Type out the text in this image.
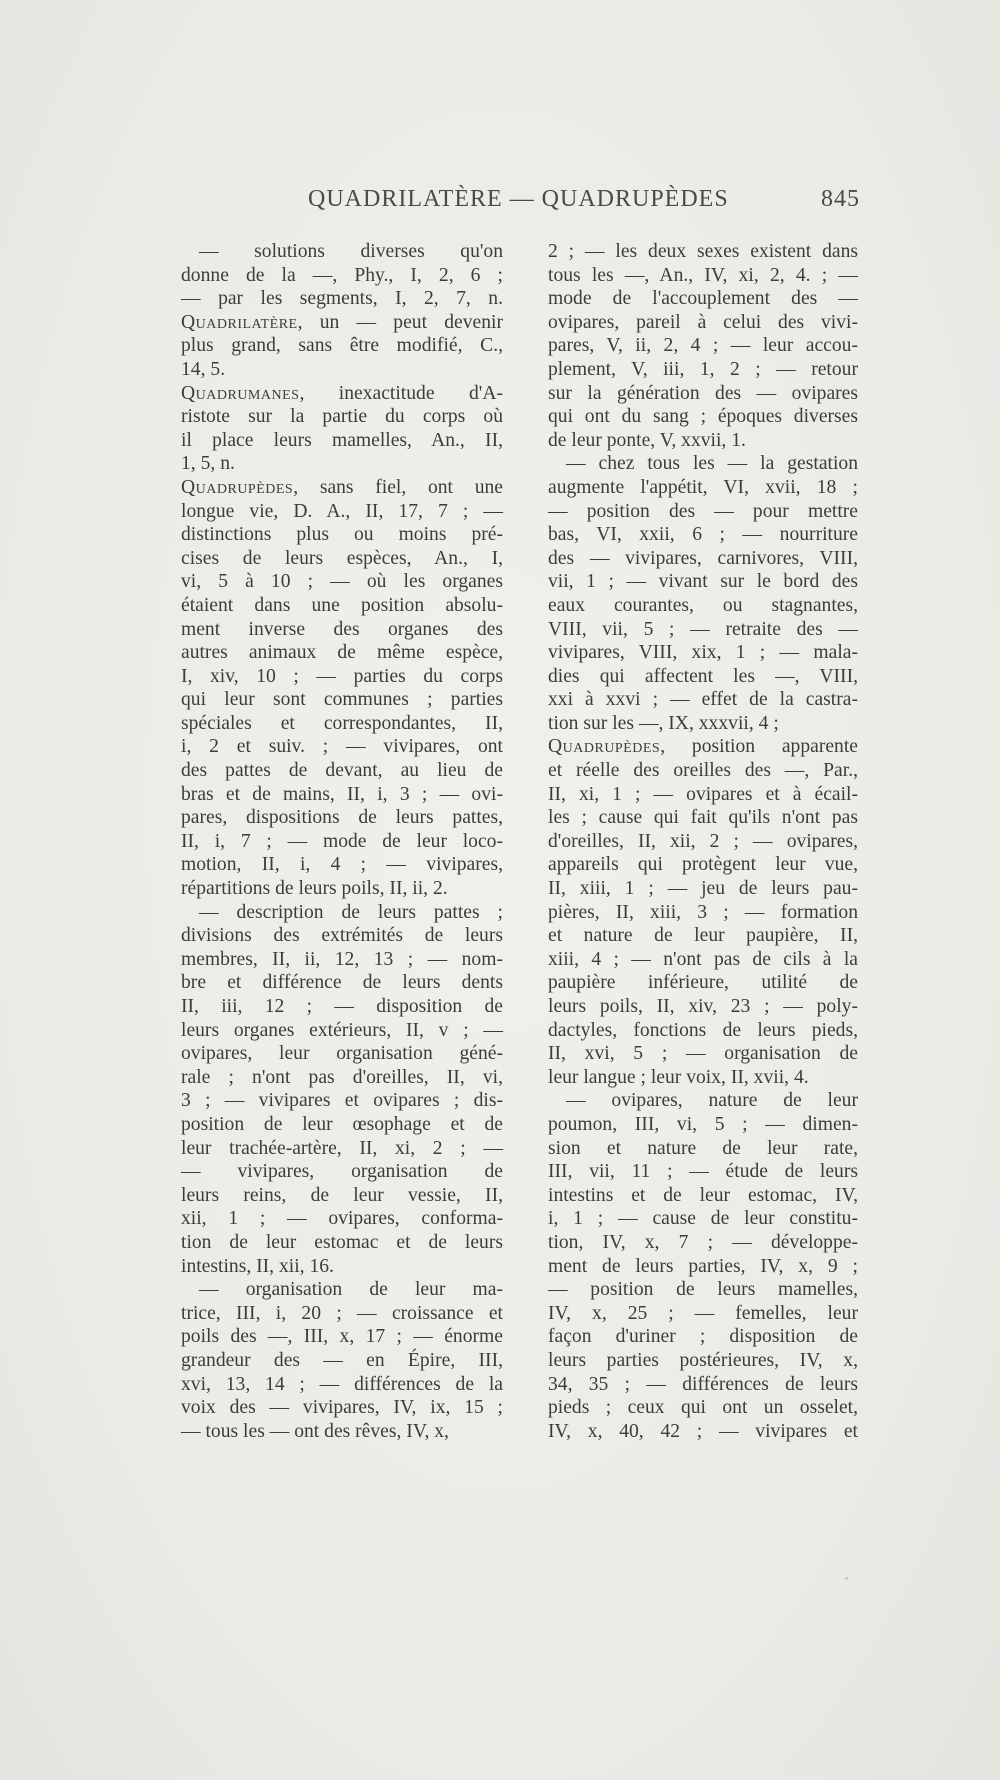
QUADRILATÈRE — QUADRUPÈDES	845
— solutions diverses qu'on
donne de la —, Phy., I, 2, 6 ;
— par les segments, I, 2, 7, n.
Quadrilatère, un — peut devenir
plus grand, sans être modifié, C.,
14, 5.
Quadrumanes, inexactitude d'A-
ristote sur la partie du corps où
il place leurs mamelles, An., II,
1, 5, n.
Quadrupèdes, sans fiel, ont une
longue vie, D. A., II, 17, 7 ; —
distinctions plus ou moins pré-
cises de leurs espèces, An., I,
vi, 5 à 10 ; — où les organes
étaient dans une position absolu-
ment inverse des organes des
autres animaux de même espèce,
I, xiv, 10 ; — parties du corps
qui leur sont communes ; parties
spéciales et correspondantes, II,
i, 2 et suiv. ; — vivipares, ont
des pattes de devant, au lieu de
bras et de mains, II, i, 3 ; — ovi-
pares, dispositions de leurs pattes,
II, i, 7 ; — mode de leur loco-
motion, II, i, 4 ; — vivipares,
répartitions de leurs poils, II, ii, 2.
— description de leurs pattes ;
divisions des extrémités de leurs
membres, II, ii, 12, 13 ; — nom-
bre et différence de leurs dents
II, iii, 12 ; — disposition de
leurs organes extérieurs, II, v ; —
ovipares, leur organisation géné-
rale ; n'ont pas d'oreilles, II, vi,
3 ; — vivipares et ovipares ; dis-
position de leur œsophage et de
leur trachée-artère, II, xi, 2 ; —
— vivipares, organisation de
leurs reins, de leur vessie, II,
xii, 1 ; — ovipares, conforma-
tion de leur estomac et de leurs
intestins, II, xii, 16.
— organisation de leur ma-
trice, III, i, 20 ; — croissance et
poils des —, III, x, 17 ; — énorme
grandeur des — en Épire, III,
xvi, 13, 14 ; — différences de la
voix des — vivipares, IV, ix, 15 ;
— tous les — ont des rêves, IV, x,
2 ; — les deux sexes existent dans
tous les —, An., IV, xi, 2, 4. ; —
mode de l'accouplement des —
ovipares, pareil à celui des vivi-
pares, V, ii, 2, 4 ; — leur accou-
plement, V, iii, 1, 2 ; — retour
sur la génération des — ovipares
qui ont du sang ; époques diverses
de leur ponte, V, xxvii, 1.
— chez tous les — la gestation
augmente l'appétit, VI, xvii, 18 ;
— position des — pour mettre
bas, VI, xxii, 6 ; — nourriture
des — vivipares, carnivores, VIII,
vii, 1 ; — vivant sur le bord des
eaux courantes, ou stagnantes,
VIII, vii, 5 ; — retraite des —
vivipares, VIII, xix, 1 ; — mala-
dies qui affectent les —, VIII,
xxi à xxvi ; — effet de la castra-
tion sur les —, IX, xxxvii, 4 ;
Quadrupèdes, position apparente
et réelle des oreilles des —, Par.,
II, xi, 1 ; — ovipares et à écail-
les ; cause qui fait qu'ils n'ont pas
d'oreilles, II, xii, 2 ; — ovipares,
appareils qui protègent leur vue,
II, xiii, 1 ; — jeu de leurs pau-
pières, II, xiii, 3 ; — formation
et nature de leur paupière, II,
xiii, 4 ; — n'ont pas de cils à la
paupière inférieure, utilité de
leurs poils, II, xiv, 23 ; — poly-
dactyles, fonctions de leurs pieds,
II, xvi, 5 ; — organisation de
leur langue ; leur voix, II, xvii, 4.
— ovipares, nature de leur
poumon, III, vi, 5 ; — dimen-
sion et nature de leur rate,
III, vii, 11 ; — étude de leurs
intestins et de leur estomac, IV,
i, 1 ; — cause de leur constitu-
tion, IV, x, 7 ; — développe-
ment de leurs parties, IV, x, 9 ;
— position de leurs mamelles,
IV, x, 25 ; — femelles, leur
façon d'uriner ; disposition de
leurs parties postérieures, IV, x,
34, 35 ; — différences de leurs
pieds ; ceux qui ont un osselet,
IV, x, 40, 42 ; — vivipares et
